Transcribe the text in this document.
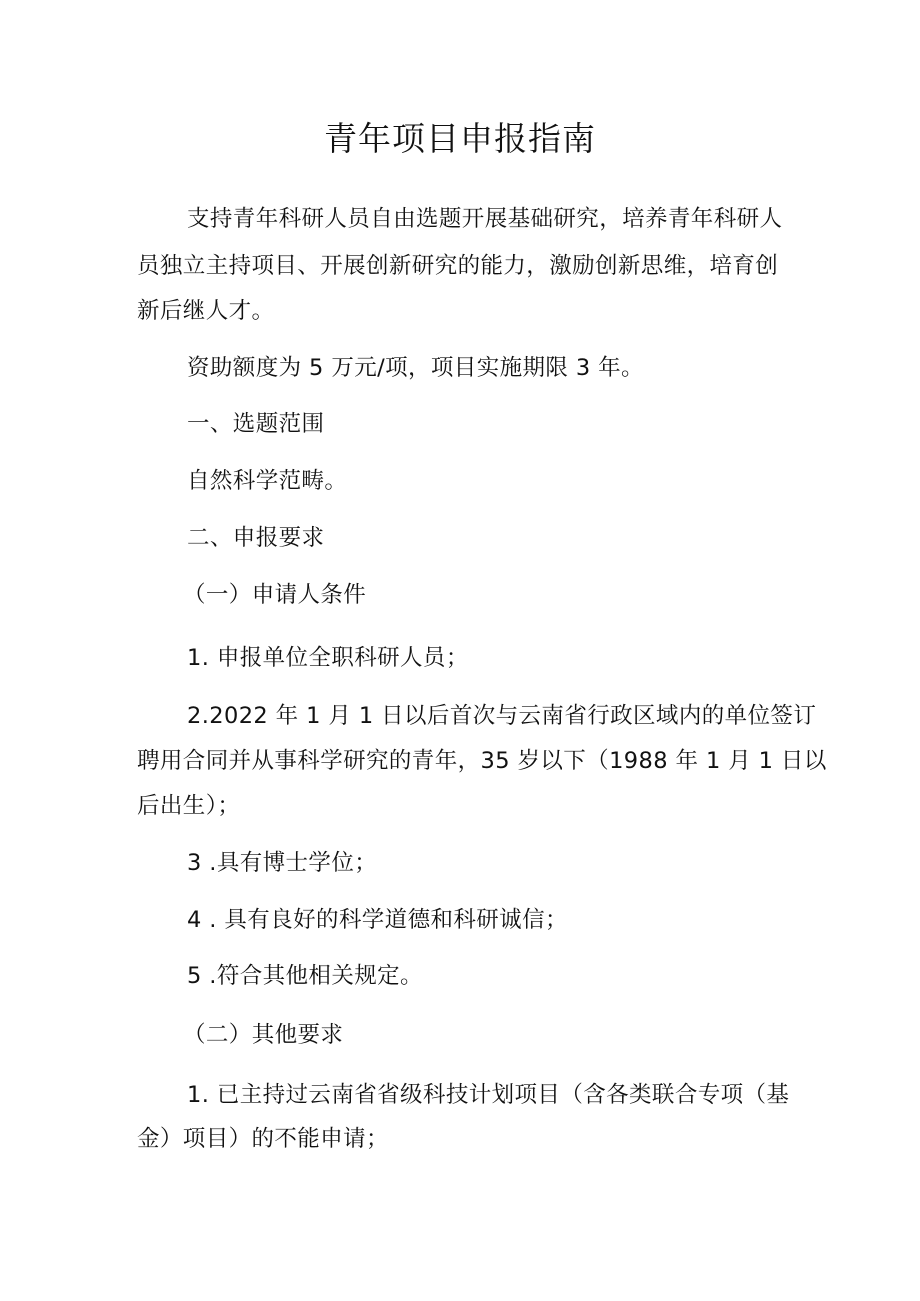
青年项目申报指南
支持青年科研人员自由选题开展基础研究，培养青年科研人
员独立主持项目、开展创新研究的能力，激励创新思维，培育创
新后继人才。
资助额度为 5 万元/项，项目实施期限 3 年。
一、选题范围
自然科学范畴。
二、申报要求
（一）申请人条件
1. 申报单位全职科研人员；
2.2022 年 1 月 1 日以后首次与云南省行政区域内的单位签订
聘用合同并从事科学研究的青年，35 岁以下（1988 年 1 月 1 日以
后出生）；
3 .具有博士学位；
4 . 具有良好的科学道德和科研诚信；
5 .符合其他相关规定。
（二）其他要求
1. 已主持过云南省省级科技计划项目（含各类联合专项（基
金）项目）的不能申请；
